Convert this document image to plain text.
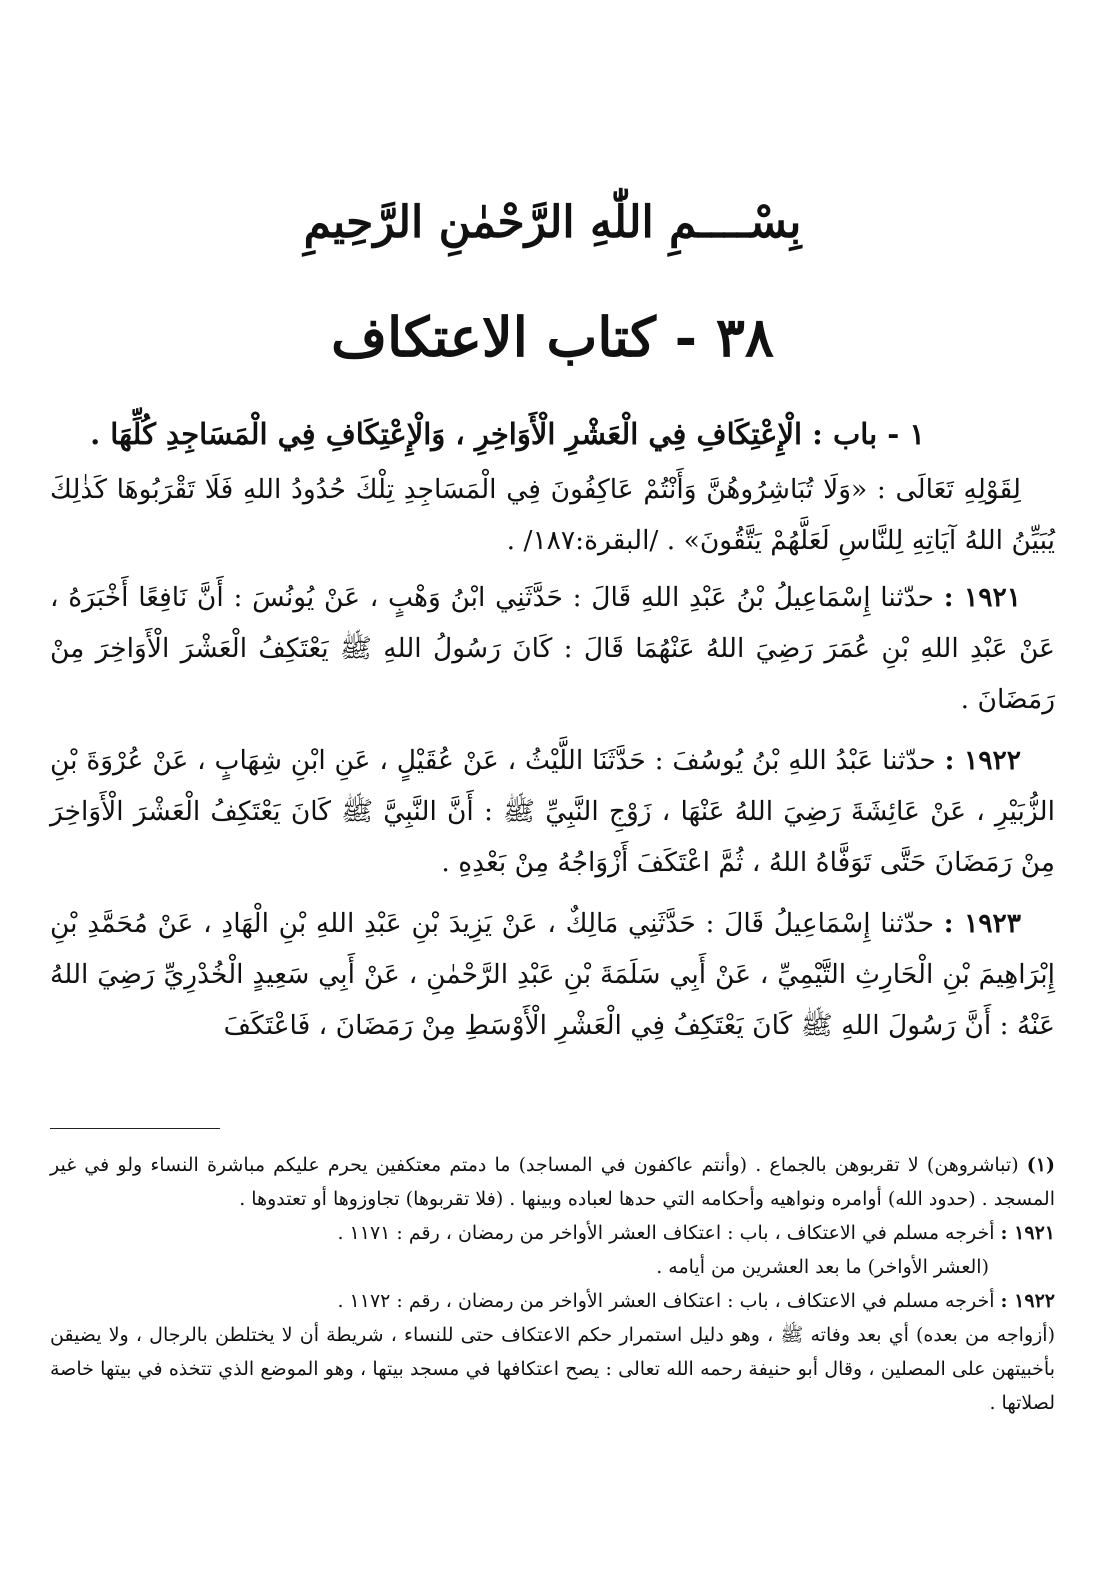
بِسْــــمِ اللّٰهِ الرَّحْمٰنِ الرَّحِيمِ
٣٨ - كتاب الاعتكاف
١ - باب : الْإِعْتِكَافِ فِي الْعَشْرِ الْأَوَاخِرِ ، وَالْإِعْتِكَافِ فِي الْمَسَاجِدِ كُلِّهَا .

لِقَوْلِهِ تَعَالَى : «وَلَا تُبَاشِرُوهُنَّ وَأَنْتُمْ عَاكِفُونَ فِي الْمَسَاجِدِ تِلْكَ حُدُودُ اللهِ فَلَا تَقْرَبُوهَا كَذٰلِكَ يُبَيِّنُ اللهُ آيَاتِهِ لِلنَّاسِ لَعَلَّهُمْ يَتَّقُونَ» . /البقرة:١٨٧/ .

١٩٢١ : حدّثنا إِسْمَاعِيلُ بْنُ عَبْدِ اللهِ قَالَ : حَدَّثَنِي ابْنُ وَهْبٍ ، عَنْ يُونُسَ : أَنَّ نَافِعًا أَخْبَرَهُ ، عَنْ عَبْدِ اللهِ بْنِ عُمَرَ رَضِيَ اللهُ عَنْهُمَا قَالَ : كَانَ رَسُولُ اللهِ ﷺ يَعْتَكِفُ الْعَشْرَ الْأَوَاخِرَ مِنْ رَمَضَانَ .

١٩٢٢ : حدّثنا عَبْدُ اللهِ بْنُ يُوسُفَ : حَدَّثَنَا اللَّيْثُ ، عَنْ عُقَيْلٍ ، عَنِ ابْنِ شِهَابٍ ، عَنْ عُرْوَةَ بْنِ الزُّبَيْرِ ، عَنْ عَائِشَةَ رَضِيَ اللهُ عَنْهَا ، زَوْجِ النَّبِيِّ ﷺ : أَنَّ النَّبِيَّ ﷺ كَانَ يَعْتَكِفُ الْعَشْرَ الْأَوَاخِرَ مِنْ رَمَضَانَ حَتَّى تَوَفَّاهُ اللهُ ، ثُمَّ اعْتَكَفَ أَزْوَاجُهُ مِنْ بَعْدِهِ .

١٩٢٣ : حدّثنا إِسْمَاعِيلُ قَالَ : حَدَّثَنِي مَالِكٌ ، عَنْ يَزِيدَ بْنِ عَبْدِ اللهِ بْنِ الْهَادِ ، عَنْ مُحَمَّدِ بْنِ إِبْرَاهِيمَ بْنِ الْحَارِثِ التَّيْمِيِّ ، عَنْ أَبِي سَلَمَةَ بْنِ عَبْدِ الرَّحْمٰنِ ، عَنْ أَبِي سَعِيدٍ الْخُدْرِيِّ رَضِيَ اللهُ عَنْهُ : أَنَّ رَسُولَ اللهِ ﷺ كَانَ يَعْتَكِفُ فِي الْعَشْرِ الْأَوْسَطِ مِنْ رَمَضَانَ ، فَاعْتَكَفَ

(١) (تباشروهن) لا تقربوهن بالجماع . (وأنتم عاكفون في المساجد) ما دمتم معتكفين يحرم عليكم مباشرة النساء ولو في غير المسجد . (حدود الله) أوامره ونواهيه وأحكامه التي حدها لعباده وبينها . (فلا تقربوها) تجاوزوها أو تعتدوها .

١٩٢١ : أخرجه مسلم في الاعتكاف ، باب : اعتكاف العشر الأواخر من رمضان ، رقم : ١١٧١ .

(العشر الأواخر) ما بعد العشرين من أيامه .

١٩٢٢ : أخرجه مسلم في الاعتكاف ، باب : اعتكاف العشر الأواخر من رمضان ، رقم : ١١٧٢ .

(أزواجه من بعده) أي بعد وفاته ﷺ ، وهو دليل استمرار حكم الاعتكاف حتى للنساء ، شريطة أن لا يختلطن بالرجال ، ولا يضيقن بأخبيتهن على المصلين ، وقال أبو حنيفة رحمه الله تعالى : يصح اعتكافها في مسجد بيتها ، وهو الموضع الذي تتخذه في بيتها خاصة لصلاتها .
